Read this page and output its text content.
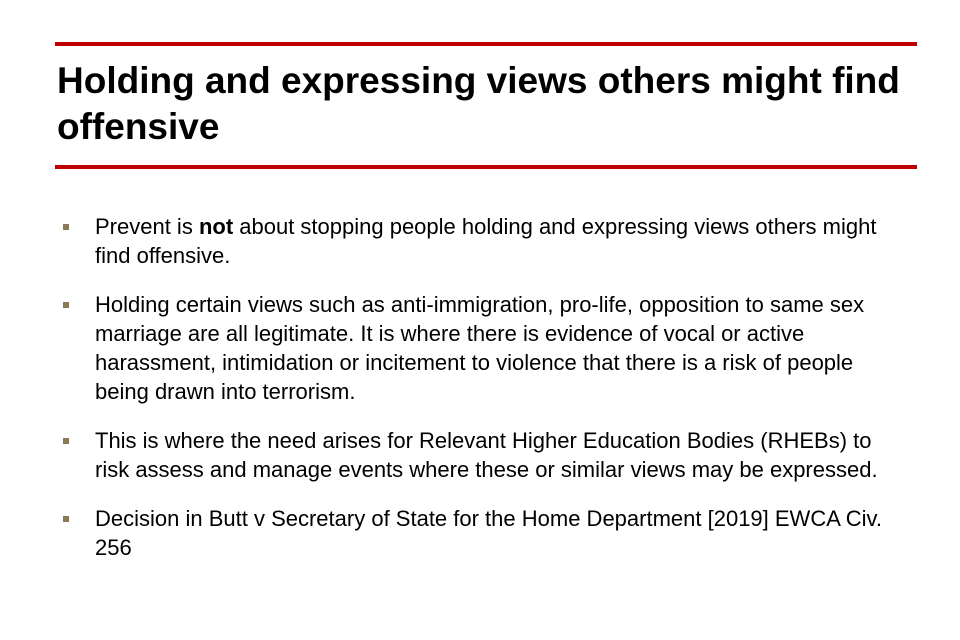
Holding and expressing views others might find offensive
Prevent is not about stopping people holding and expressing views others might find offensive.
Holding certain views such as anti-immigration, pro-life, opposition to same sex marriage are all legitimate. It is where there is evidence of vocal or active harassment, intimidation or incitement to violence that there is a risk of people being drawn into terrorism.
This is where the need arises for Relevant Higher Education Bodies (RHEBs) to risk assess and manage events where these or similar views may be expressed.
Decision in Butt v Secretary of State for the Home Department [2019] EWCA Civ. 256
